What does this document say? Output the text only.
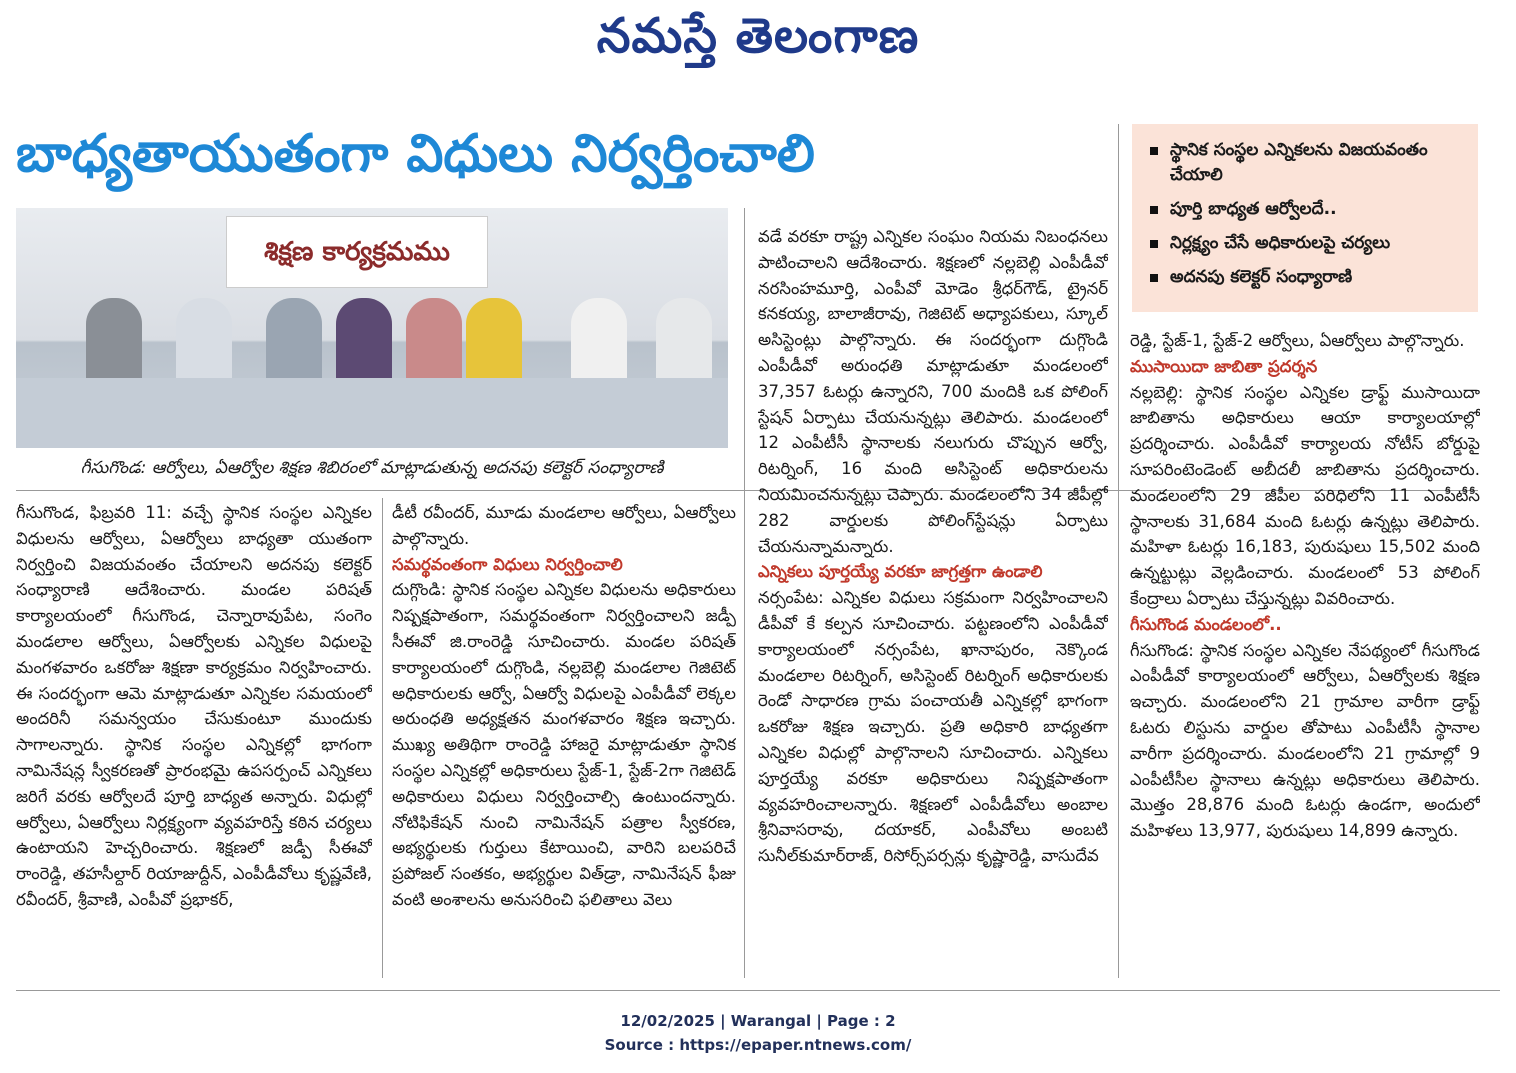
నమస్తే తెలంగాణ
బాధ్యతాయుతంగా విధులు నిర్వర్తించాలి	స్థానిక సంస్థల ఎన్నికలను విజయవంతం చేయాలి
పూర్తి బాధ్యత ఆర్వోలదే..
నిర్లక్ష్యం చేసే అధికారులపై చర్యలు
అదనపు కలెక్టర్ సంధ్యారాణి
శిక్షణ కార్యక్రమము
గీసుగొండ: ఆర్వోలు, ఏఆర్వోల శిక్షణ శిబిరంలో మాట్లాడుతున్న అదనపు కలెక్టర్ సంధ్యారాణి
గీసుగొండ, ఫిబ్రవరి 11: వచ్చే స్థానిక సంస్థల ఎన్నికల విధులను ఆర్వోలు, ఏఆర్వోలు బాధ్యతా యుతంగా నిర్వర్తించి విజయవంతం చేయాలని అదనపు కలెక్టర్ సంధ్యారాణి ఆదేశించారు. మండల పరిషత్ కార్యాలయంలో గీసుగొండ, చెన్నారావుపేట, సంగెం మండలాల ఆర్వోలు, ఏఆర్వోలకు ఎన్నికల విధులపై మంగళవారం ఒకరోజు శిక్షణా కార్యక్రమం నిర్వహించారు. ఈ సందర్భంగా ఆమె మాట్లాడుతూ ఎన్నికల సమయంలో అందరినీ సమన్వయం చేసుకుంటూ ముందుకు సాగాలన్నారు. స్థానిక సంస్థల ఎన్నికల్లో భాగంగా నామినేషన్ల స్వీకరణతో ప్రారంభమై ఉపసర్పంచ్ ఎన్నికలు జరిగే వరకు ఆర్వోలదే పూర్తి బాధ్యత అన్నారు. విధుల్లో ఆర్వోలు, ఏఆర్వోలు నిర్లక్ష్యంగా వ్యవహరిస్తే కఠిన చర్యలు ఉంటాయని హెచ్చరించారు. శిక్షణలో జడ్పీ సీఈవో రాంరెడ్డి, తహసీల్దార్ రియాజుద్దీన్, ఎంపీడీవోలు కృష్ణవేణి, రవీందర్, శ్రీవాణి, ఎంపీవో ప్రభాకర్,
డీటీ రవీందర్, మూడు మండలాల ఆర్వోలు, ఏఆర్వోలు పాల్గొన్నారు.
సమర్థవంతంగా విధులు నిర్వర్తించాలి
దుగ్గొండి: స్థానిక సంస్థల ఎన్నికల విధులను అధికారులు నిష్పక్షపాతంగా, సమర్థవంతంగా నిర్వర్తించాలని జడ్పీ సీఈవో జి.రాంరెడ్డి సూచించారు. మండల పరిషత్ కార్యాలయంలో దుగ్గొండి, నల్లబెల్లి మండలాల గెజిటెట్ అధికారులకు ఆర్వో, ఏఆర్వో విధులపై ఎంపీడీవో లెక్కల అరుంధతి అధ్యక్షతన మంగళవారం శిక్షణ ఇచ్చారు. ముఖ్య అతిథిగా రాంరెడ్డి హాజరై మాట్లాడుతూ స్థానిక సంస్థల ఎన్నికల్లో అధికారులు స్టేజ్-1, స్టేజ్-2గా గెజిటెడ్ అధికారులు విధులు నిర్వర్తించాల్సి ఉంటుందన్నారు. నోటిఫికేషన్ నుంచి నామినేషన్ పత్రాల స్వీకరణ, అభ్యర్థులకు గుర్తులు కేటాయించి, వారిని బలపరిచే ప్రపోజల్ సంతకం, అభ్యర్థుల విత్‌డ్రా, నామినేషన్ ఫీజు వంటి అంశాలను అనుసరించి ఫలితాలు వెలు
వడే వరకూ రాష్ట్ర ఎన్నికల సంఘం నియమ నిబంధనలు పాటించాలని ఆదేశించారు. శిక్షణలో నల్లబెల్లి ఎంపీడీవో నరసింహమూర్తి, ఎంపీవో మోడెం శ్రీధర్‌గౌడ్, ట్రైనర్ కనకయ్య, బాలాజీరావు, గెజిటెట్ అధ్యాపకులు, స్కూల్ అసిస్టెంట్లు పాల్గొన్నారు. ఈ సందర్భంగా దుగ్గొండి ఎంపీడీవో అరుంధతి మాట్లాడుతూ మండలంలో 37,357 ఓటర్లు ఉన్నారని, 700 మందికి ఒక పోలింగ్ స్టేషన్ ఏర్పాటు చేయనున్నట్లు తెలిపారు. మండలంలో 12 ఎంపీటీసీ స్థానాలకు నలుగురు చొప్పున ఆర్వో, రిటర్నింగ్, 16 మంది అసిస్టెంట్ అధికారులను నియమించనున్నట్లు చెప్పారు. మండలంలోని 34 జీపీల్లో 282 వార్డులకు పోలింగ్‌స్టేషన్లు ఏర్పాటు చేయనున్నామన్నారు.
ఎన్నికలు పూర్తయ్యే వరకూ జాగ్రత్తగా ఉండాలి
నర్సంపేట: ఎన్నికల విధులు సక్రమంగా నిర్వహించాలని డీపీవో కే కల్పన సూచించారు. పట్టణంలోని ఎంపీడీవో కార్యాలయంలో నర్సంపేట, ఖానాపురం, నెక్కొండ మండలాల రిటర్నింగ్, అసిస్టెంట్ రిటర్నింగ్ అధికారులకు రెండో సాధారణ గ్రామ పంచాయతీ ఎన్నికల్లో భాగంగా ఒకరోజు శిక్షణ ఇచ్చారు. ప్రతి అధికారి బాధ్యతగా ఎన్నికల విధుల్లో పాల్గొనాలని సూచించారు. ఎన్నికలు పూర్తయ్యే వరకూ అధికారులు నిష్పక్షపాతంగా వ్యవహరించాలన్నారు. శిక్షణలో ఎంపీడీవోలు అంబాల శ్రీనివాసరావు, దయాకర్, ఎంపీవోలు అంబటి సునీల్‌కుమార్‌రాజ్, రిసోర్స్‌పర్సన్లు కృష్ణారెడ్డి, వాసుదేవ
రెడ్డి, స్టేజ్-1, స్టేజ్-2 ఆర్వోలు, ఏఆర్వోలు పాల్గొన్నారు.
ముసాయిదా జాబితా ప్రదర్శన
నల్లబెల్లి: స్థానిక సంస్థల ఎన్నికల డ్రాఫ్ట్ ముసాయిదా జాబితాను అధికారులు ఆయా కార్యాలయాల్లో ప్రదర్శించారు. ఎంపీడీవో కార్యాలయ నోటీస్ బోర్డుపై సూపరింటెండెంట్ అబీదలీ జాబితాను ప్రదర్శించారు. మండలంలోని 29 జీపీల పరిధిలోని 11 ఎంపీటీసీ స్థానాలకు 31,684 మంది ఓటర్లు ఉన్నట్లు తెలిపారు. మహిళా ఓటర్లు 16,183, పురుషులు 15,502 మంది ఉన్నట్టుట్లు వెల్లడించారు. మండలంలో 53 పోలింగ్ కేంద్రాలు ఏర్పాటు చేస్తున్నట్లు వివరించారు.
గీసుగొండ మండలంలో..
గీసుగొండ: స్థానిక సంస్థల ఎన్నికల నేపథ్యంలో గీసుగొండ ఎంపీడీవో కార్యాలయంలో ఆర్వోలు, ఏఆర్వోలకు శిక్షణ ఇచ్చారు. మండలంలోని 21 గ్రామాల వారీగా డ్రాఫ్ట్ ఓటరు లిస్టును వార్డుల తోపాటు ఎంపీటీసీ స్థానాల వారీగా ప్రదర్శించారు. మండలంలోని 21 గ్రామాల్లో 9 ఎంపీటీసీల స్థానాలు ఉన్నట్లు అధికారులు తెలిపారు. మొత్తం 28,876 మంది ఓటర్లు ఉండగా, అందులో మహిళలు 13,977, పురుషులు 14,899 ఉన్నారు.
12/02/2025 | Warangal | Page : 2
Source : https://epaper.ntnews.com/
